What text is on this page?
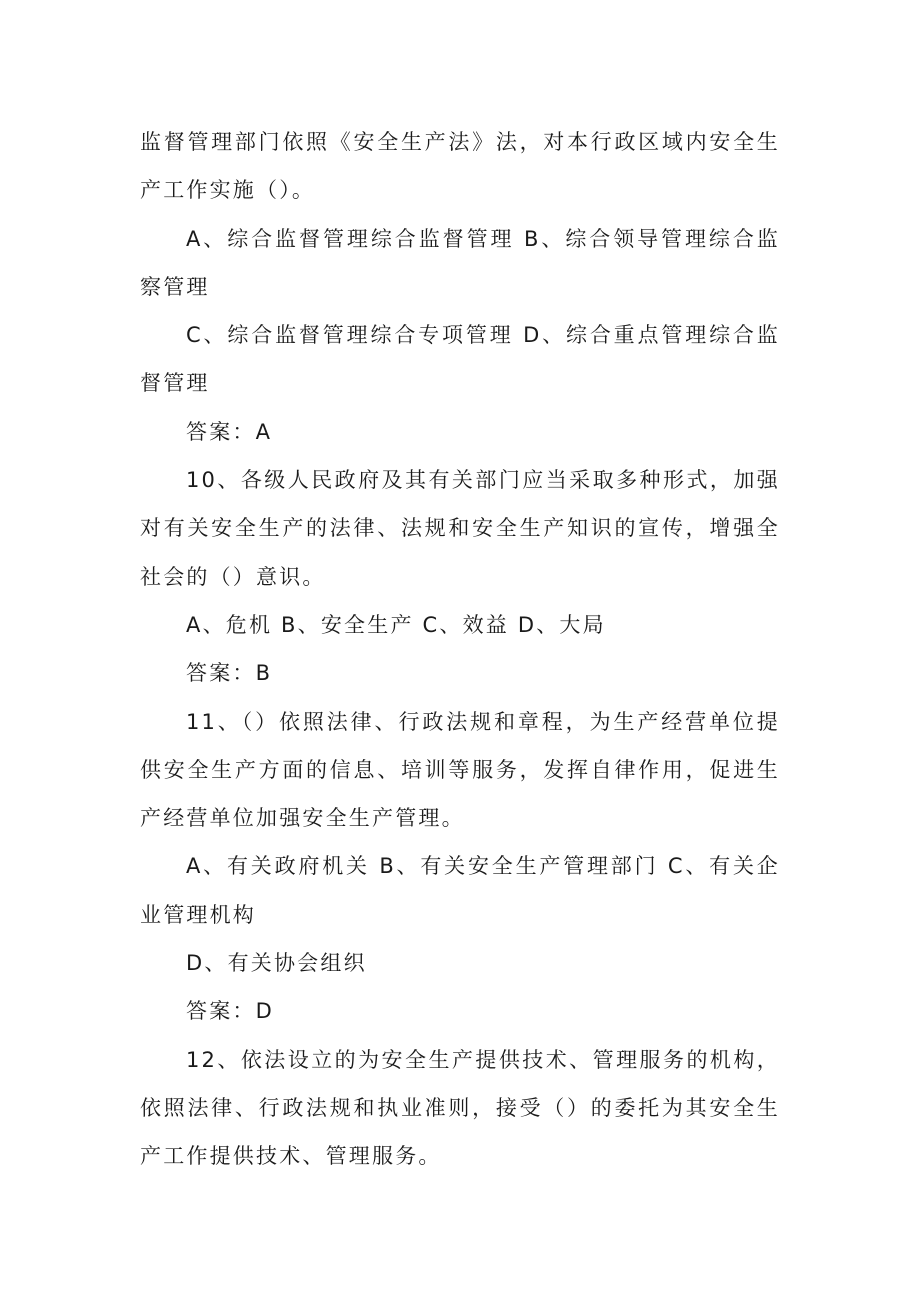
监督管理部门依照《安全生产法》法，对本行政区域内安全生产工作实施（）。

A、综合监督管理综合监督管理 B、综合领导管理综合监察管理

C、综合监督管理综合专项管理 D、综合重点管理综合监督管理

答案：A

10、各级人民政府及其有关部门应当采取多种形式，加强对有关安全生产的法律、法规和安全生产知识的宣传，增强全社会的（）意识。

A、危机 B、安全生产 C、效益 D、大局

答案：B

11、（）依照法律、行政法规和章程，为生产经营单位提供安全生产方面的信息、培训等服务，发挥自律作用，促进生产经营单位加强安全生产管理。

A、有关政府机关 B、有关安全生产管理部门 C、有关企业管理机构

D、有关协会组织

答案：D

12、依法设立的为安全生产提供技术、管理服务的机构，依照法律、行政法规和执业准则，接受（）的委托为其安全生产工作提供技术、管理服务。
